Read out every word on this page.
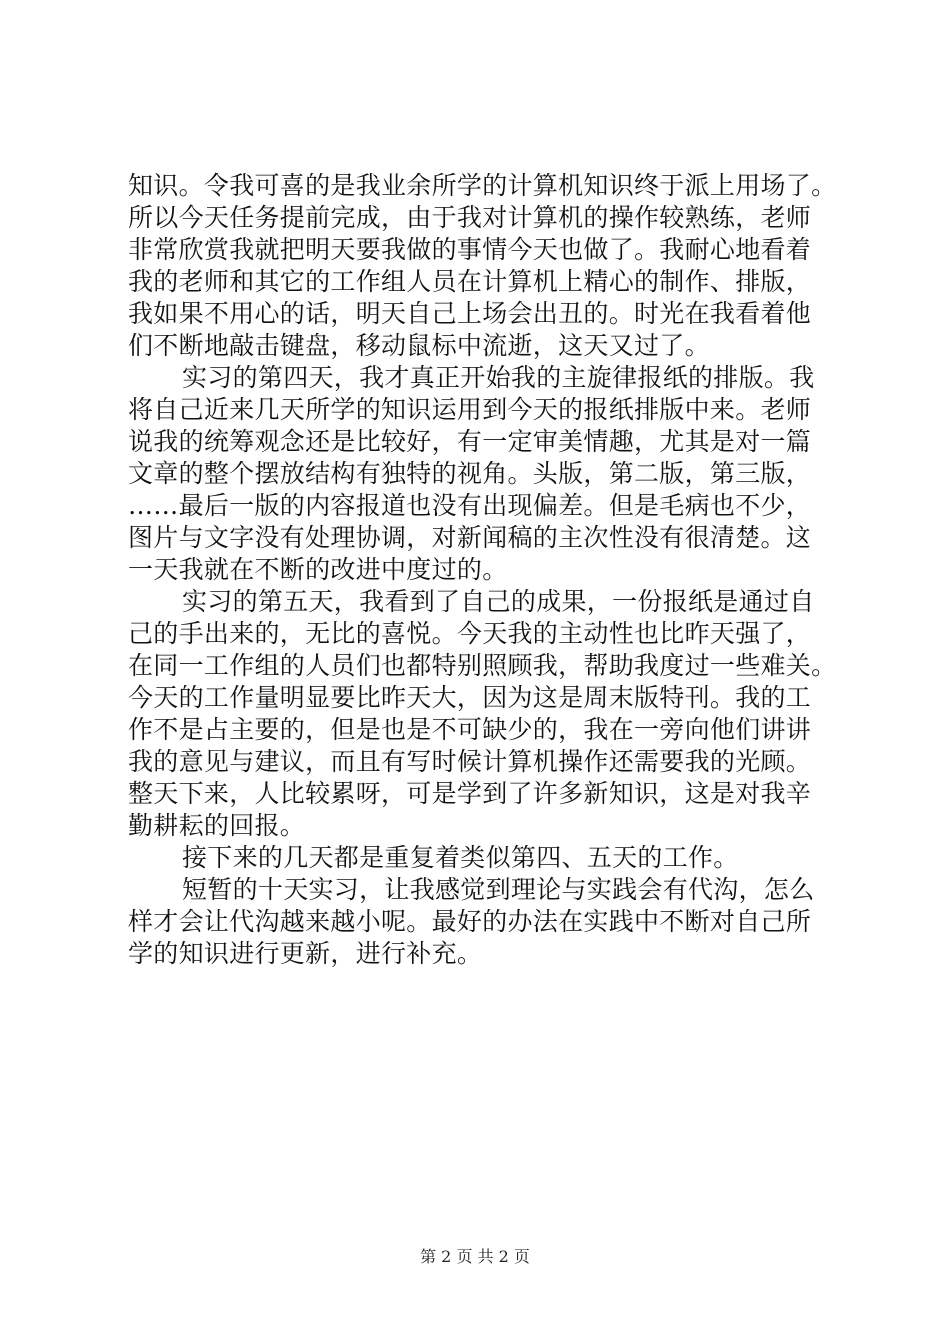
知识。令我可喜的是我业余所学的计算机知识终于派上用场了。
所以今天任务提前完成，由于我对计算机的操作较熟练，老师
非常欣赏我就把明天要我做的事情今天也做了。我耐心地看着
我的老师和其它的工作组人员在计算机上精心的制作、排版，
我如果不用心的话，明天自己上场会出丑的。时光在我看着他
们不断地敲击键盘，移动鼠标中流逝，这天又过了。
实习的第四天，我才真正开始我的主旋律报纸的排版。我
将自己近来几天所学的知识运用到今天的报纸排版中来。老师
说我的统筹观念还是比较好，有一定审美情趣，尤其是对一篇
文章的整个摆放结构有独特的视角。头版，第二版，第三版，
……最后一版的内容报道也没有出现偏差。但是毛病也不少，
图片与文字没有处理协调，对新闻稿的主次性没有很清楚。这
一天我就在不断的改进中度过的。
实习的第五天，我看到了自己的成果，一份报纸是通过自
己的手出来的，无比的喜悦。今天我的主动性也比昨天强了，
在同一工作组的人员们也都特别照顾我，帮助我度过一些难关。
今天的工作量明显要比昨天大，因为这是周末版特刊。我的工
作不是占主要的，但是也是不可缺少的，我在一旁向他们讲讲
我的意见与建议，而且有写时候计算机操作还需要我的光顾。
整天下来，人比较累呀，可是学到了许多新知识，这是对我辛
勤耕耘的回报。
接下来的几天都是重复着类似第四、五天的工作。
短暂的十天实习，让我感觉到理论与实践会有代沟，怎么
样才会让代沟越来越小呢。最好的办法在实践中不断对自己所
学的知识进行更新，进行补充。
第 2 页 共 2 页
